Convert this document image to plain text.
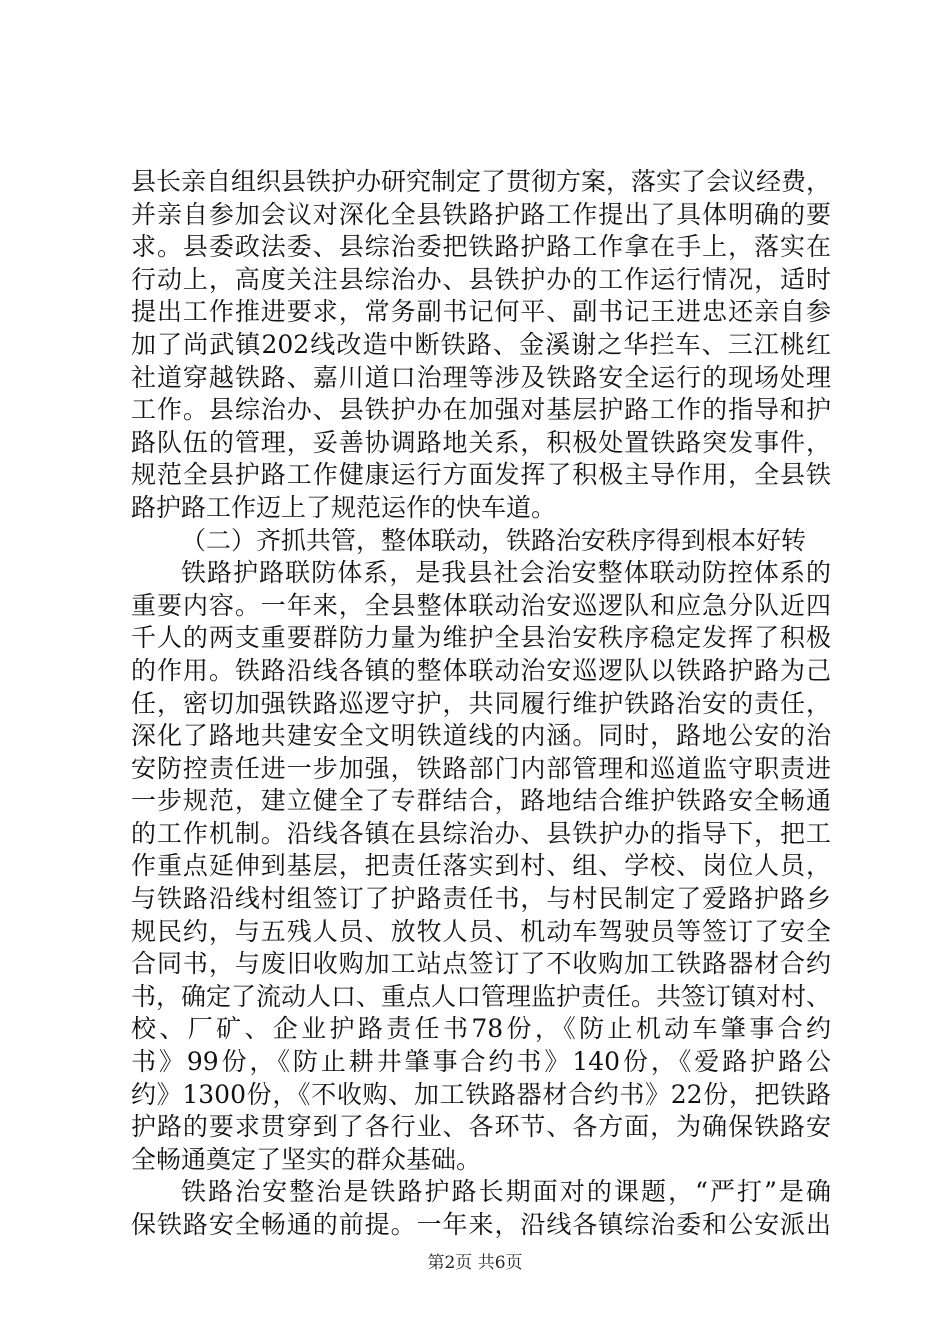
县长亲自组织县铁护办研究制定了贯彻方案，落实了会议经费，
并亲自参加会议对深化全县铁路护路工作提出了具体明确的要
求。县委政法委、县综治委把铁路护路工作拿在手上，落实在
行动上，高度关注县综治办、县铁护办的工作运行情况，适时
提出工作推进要求，常务副书记何平、副书记王进忠还亲自参
加了尚武镇202线改造中断铁路、金溪谢之华拦车、三江桃红
社道穿越铁路、嘉川道口治理等涉及铁路安全运行的现场处理
工作。县综治办、县铁护办在加强对基层护路工作的指导和护
路队伍的管理，妥善协调路地关系，积极处置铁路突发事件，
规范全县护路工作健康运行方面发挥了积极主导作用，全县铁
路护路工作迈上了规范运作的快车道。
（二）齐抓共管，整体联动，铁路治安秩序得到根本好转
铁路护路联防体系，是我县社会治安整体联动防控体系的
重要内容。一年来，全县整体联动治安巡逻队和应急分队近四
千人的两支重要群防力量为维护全县治安秩序稳定发挥了积极
的作用。铁路沿线各镇的整体联动治安巡逻队以铁路护路为己
任，密切加强铁路巡逻守护，共同履行维护铁路治安的责任，
深化了路地共建安全文明铁道线的内涵。同时，路地公安的治
安防控责任进一步加强，铁路部门内部管理和巡道监守职责进
一步规范，建立健全了专群结合，路地结合维护铁路安全畅通
的工作机制。沿线各镇在县综治办、县铁护办的指导下，把工
作重点延伸到基层，把责任落实到村、组、学校、岗位人员，
与铁路沿线村组签订了护路责任书，与村民制定了爱路护路乡
规民约，与五残人员、放牧人员、机动车驾驶员等签订了安全
合同书，与废旧收购加工站点签订了不收购加工铁路器材合约
书，确定了流动人口、重点人口管理监护责任。共签订镇对村、
校、厂矿、企业护路责任书78份，《防止机动车肇事合约
书》99份，《防止耕井肇事合约书》140份，《爱路护路公
约》1300份，《不收购、加工铁路器材合约书》22份，把铁路
护路的要求贯穿到了各行业、各环节、各方面，为确保铁路安
全畅通奠定了坚实的群众基础。
铁路治安整治是铁路护路长期面对的课题，“严打”是确
保铁路安全畅通的前提。一年来，沿线各镇综治委和公安派出
第2页 共6页
